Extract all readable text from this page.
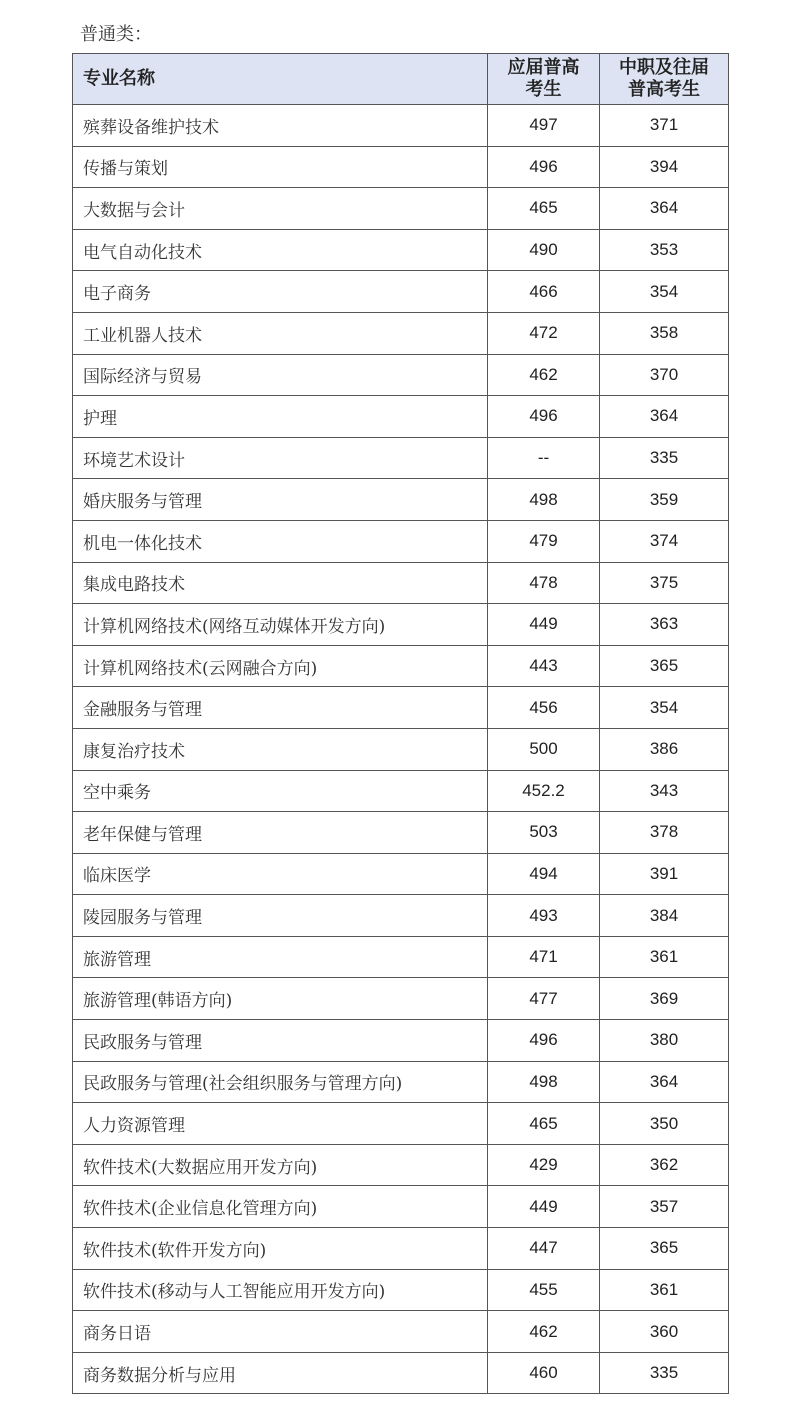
普通类：
专业名称	应届普高考生	中职及往届普高考生

殡葬设备维护技术	497	371
传播与策划	496	394
大数据与会计	465	364
电气自动化技术	490	353
电子商务	466	354
工业机器人技术	472	358
国际经济与贸易	462	370
护理	496	364
环境艺术设计	--	335
婚庆服务与管理	498	359
机电一体化技术	479	374
集成电路技术	478	375
计算机网络技术(网络互动媒体开发方向)	449	363
计算机网络技术(云网融合方向)	443	365
金融服务与管理	456	354
康复治疗技术	500	386
空中乘务	452.2	343
老年保健与管理	503	378
临床医学	494	391
陵园服务与管理	493	384
旅游管理	471	361
旅游管理(韩语方向)	477	369
民政服务与管理	496	380
民政服务与管理(社会组织服务与管理方向)	498	364
人力资源管理	465	350
软件技术(大数据应用开发方向)	429	362
软件技术(企业信息化管理方向)	449	357
软件技术(软件开发方向)	447	365
软件技术(移动与人工智能应用开发方向)	455	361
商务日语	462	360
商务数据分析与应用	460	335
